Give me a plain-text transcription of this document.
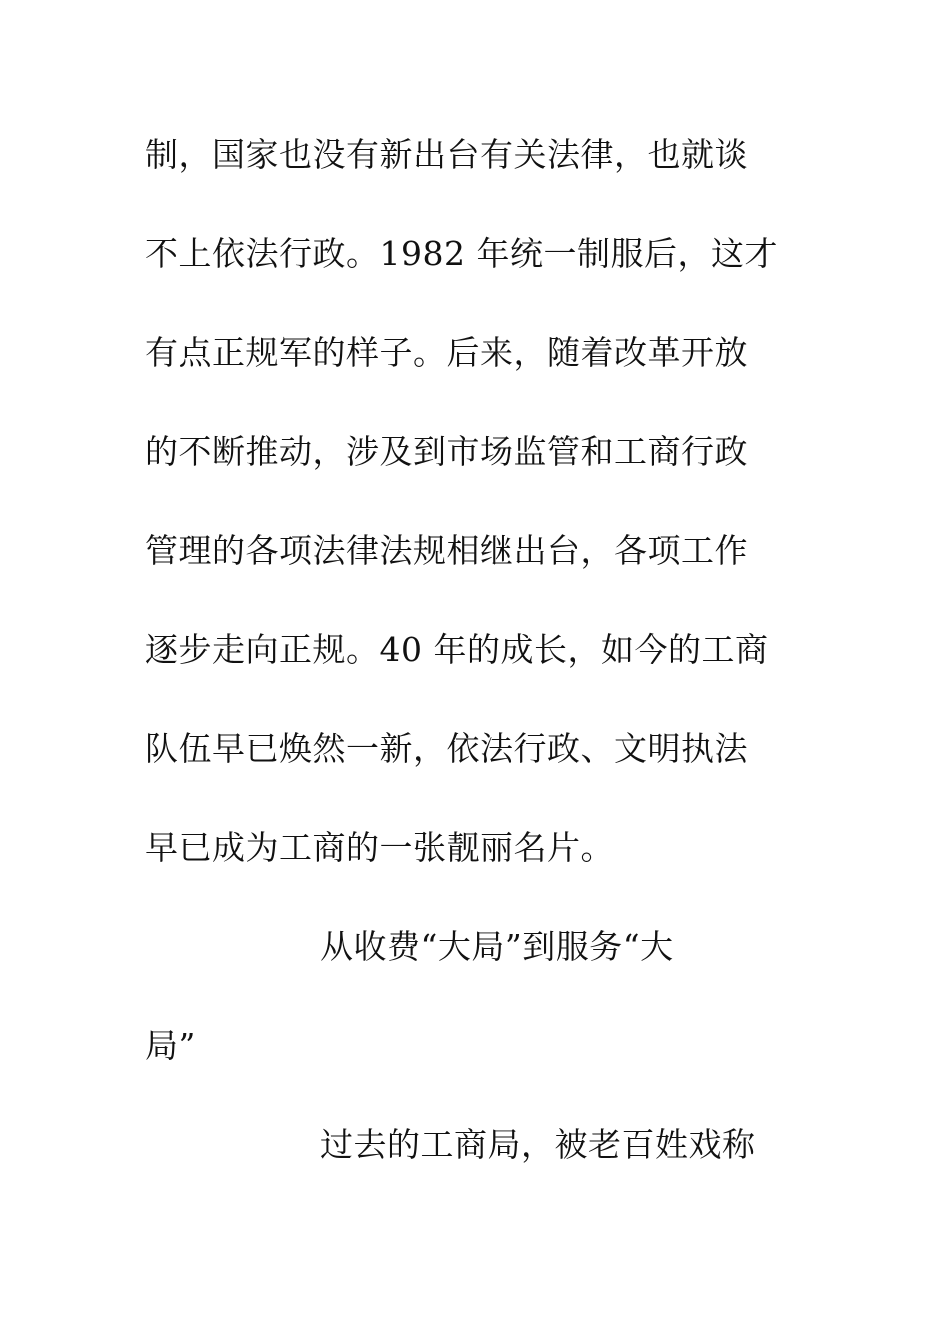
制，国家也没有新出台有关法律，也就谈
不上依法行政。1982 年统一制服后，这才
有点正规军的样子。后来，随着改革开放
的不断推动，涉及到市场监管和工商行政
管理的各项法律法规相继出台，各项工作
逐步走向正规。40 年的成长，如今的工商
队伍早已焕然一新，依法行政、文明执法
早已成为工商的一张靓丽名片。
从收费“大局”到服务“大
局”
过去的工商局，被老百姓戏称
